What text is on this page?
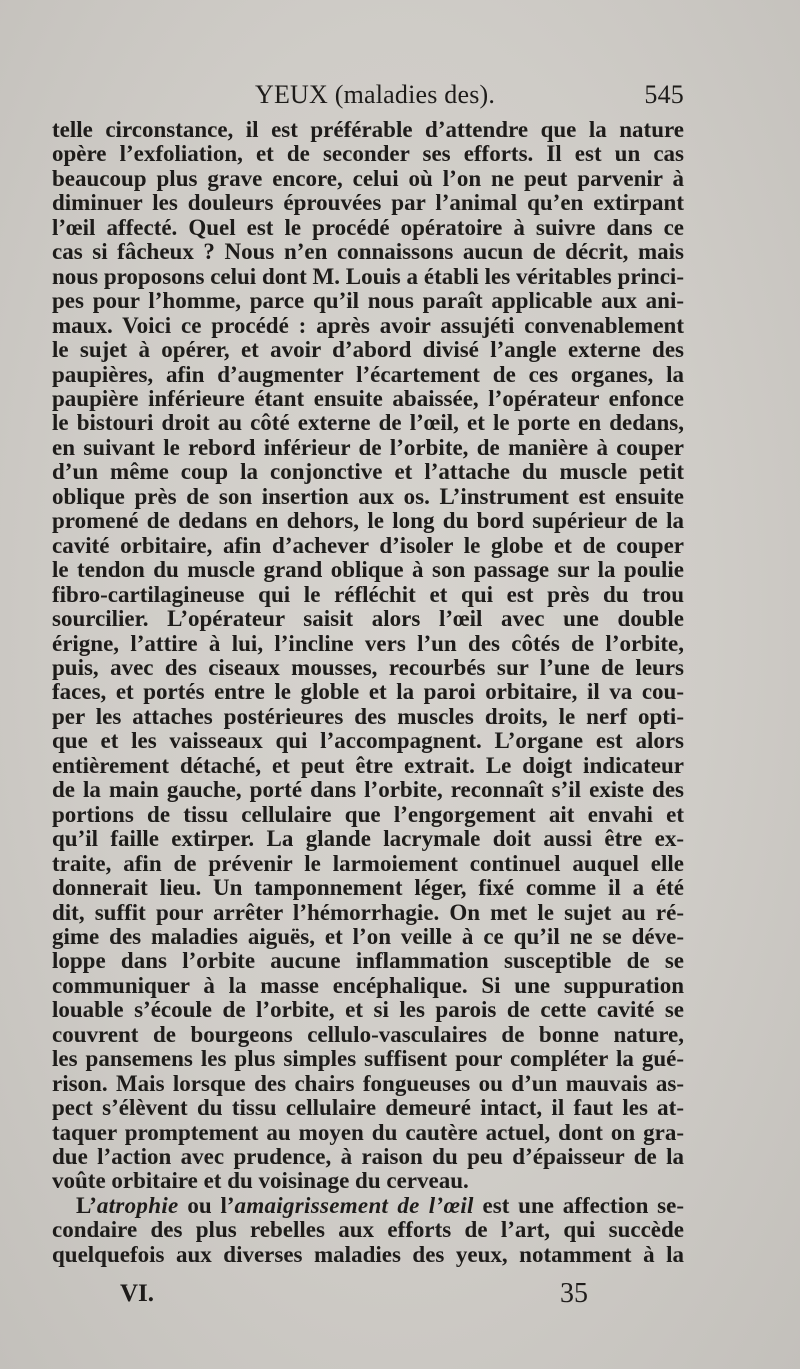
YEUX (maladies des).	545
telle circonstance, il est préférable d’attendre que la nature
opère l’exfoliation, et de seconder ses efforts. Il est un cas
beaucoup plus grave encore, celui où l’on ne peut parvenir à
diminuer les douleurs éprouvées par l’animal qu’en extirpant
l’œil affecté. Quel est le procédé opératoire à suivre dans ce
cas si fâcheux ? Nous n’en connaissons aucun de décrit, mais
nous proposons celui dont M. Louis a établi les véritables princi-
pes pour l’homme, parce qu’il nous paraît applicable aux ani-
maux. Voici ce procédé : après avoir assujéti convenablement
le sujet à opérer, et avoir d’abord divisé l’angle externe des
paupières, afin d’augmenter l’écartement de ces organes, la
paupière inférieure étant ensuite abaissée, l’opérateur enfonce
le bistouri droit au côté externe de l’œil, et le porte en dedans,
en suivant le rebord inférieur de l’orbite, de manière à couper
d’un même coup la conjonctive et l’attache du muscle petit
oblique près de son insertion aux os. L’instrument est ensuite
promené de dedans en dehors, le long du bord supérieur de la
cavité orbitaire, afin d’achever d’isoler le globe et de couper
le tendon du muscle grand oblique à son passage sur la poulie
fibro-cartilagineuse qui le réfléchit et qui est près du trou
sourcilier. L’opérateur saisit alors l’œil avec une double
érigne, l’attire à lui, l’incline vers l’un des côtés de l’orbite,
puis, avec des ciseaux mousses, recourbés sur l’une de leurs
faces, et portés entre le globle et la paroi orbitaire, il va cou-
per les attaches postérieures des muscles droits, le nerf opti-
que et les vaisseaux qui l’accompagnent. L’organe est alors
entièrement détaché, et peut être extrait. Le doigt indicateur
de la main gauche, porté dans l’orbite, reconnaît s’il existe des
portions de tissu cellulaire que l’engorgement ait envahi et
qu’il faille extirper. La glande lacrymale doit aussi être ex-
traite, afin de prévenir le larmoiement continuel auquel elle
donnerait lieu. Un tamponnement léger, fixé comme il a été
dit, suffit pour arrêter l’hémorrhagie. On met le sujet au ré-
gime des maladies aiguës, et l’on veille à ce qu’il ne se déve-
loppe dans l’orbite aucune inflammation susceptible de se
communiquer à la masse encéphalique. Si une suppuration
louable s’écoule de l’orbite, et si les parois de cette cavité se
couvrent de bourgeons cellulo-vasculaires de bonne nature,
les pansemens les plus simples suffisent pour compléter la gué-
rison. Mais lorsque des chairs fongueuses ou d’un mauvais as-
pect s’élèvent du tissu cellulaire demeuré intact, il faut les at-
taquer promptement au moyen du cautère actuel, dont on gra-
due l’action avec prudence, à raison du peu d’épaisseur de la
voûte orbitaire et du voisinage du cerveau.
L’atrophie ou l’amaigrissement de l’œil est une affection se-
condaire des plus rebelles aux efforts de l’art, qui succède
quelquefois aux diverses maladies des yeux, notamment à la
VI.	35
